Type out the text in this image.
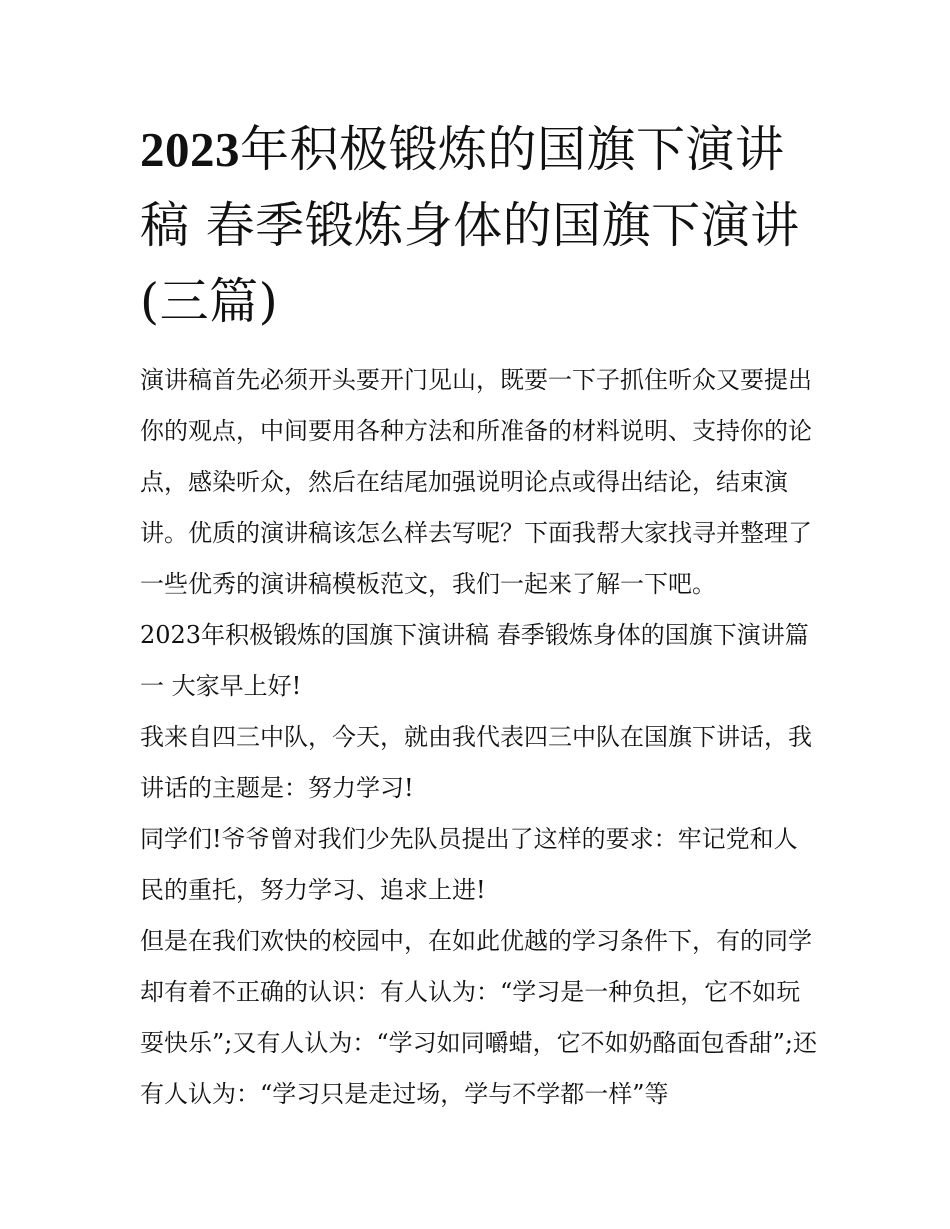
2023年积极锻炼的国旗下演讲稿 春季锻炼身体的国旗下演讲(三篇)

演讲稿首先必须开头要开门见山，既要一下子抓住听众又要提出你的观点，中间要用各种方法和所准备的材料说明、支持你的论点，感染听众，然后在结尾加强说明论点或得出结论，结束演讲。优质的演讲稿该怎么样去写呢？下面我帮大家找寻并整理了一些优秀的演讲稿模板范文，我们一起来了解一下吧。

2023年积极锻炼的国旗下演讲稿 春季锻炼身体的国旗下演讲篇一 大家早上好!

我来自四三中队，今天，就由我代表四三中队在国旗下讲话，我讲话的主题是：努力学习!

同学们!爷爷曾对我们少先队员提出了这样的要求：牢记党和人民的重托，努力学习、追求上进!

但是在我们欢快的校园中，在如此优越的学习条件下，有的同学却有着不正确的认识：有人认为：“学习是一种负担，它不如玩耍快乐”;又有人认为：“学习如同嚼蜡，它不如奶酪面包香甜”;还有人认为：“学习只是走过场，学与不学都一样”等
